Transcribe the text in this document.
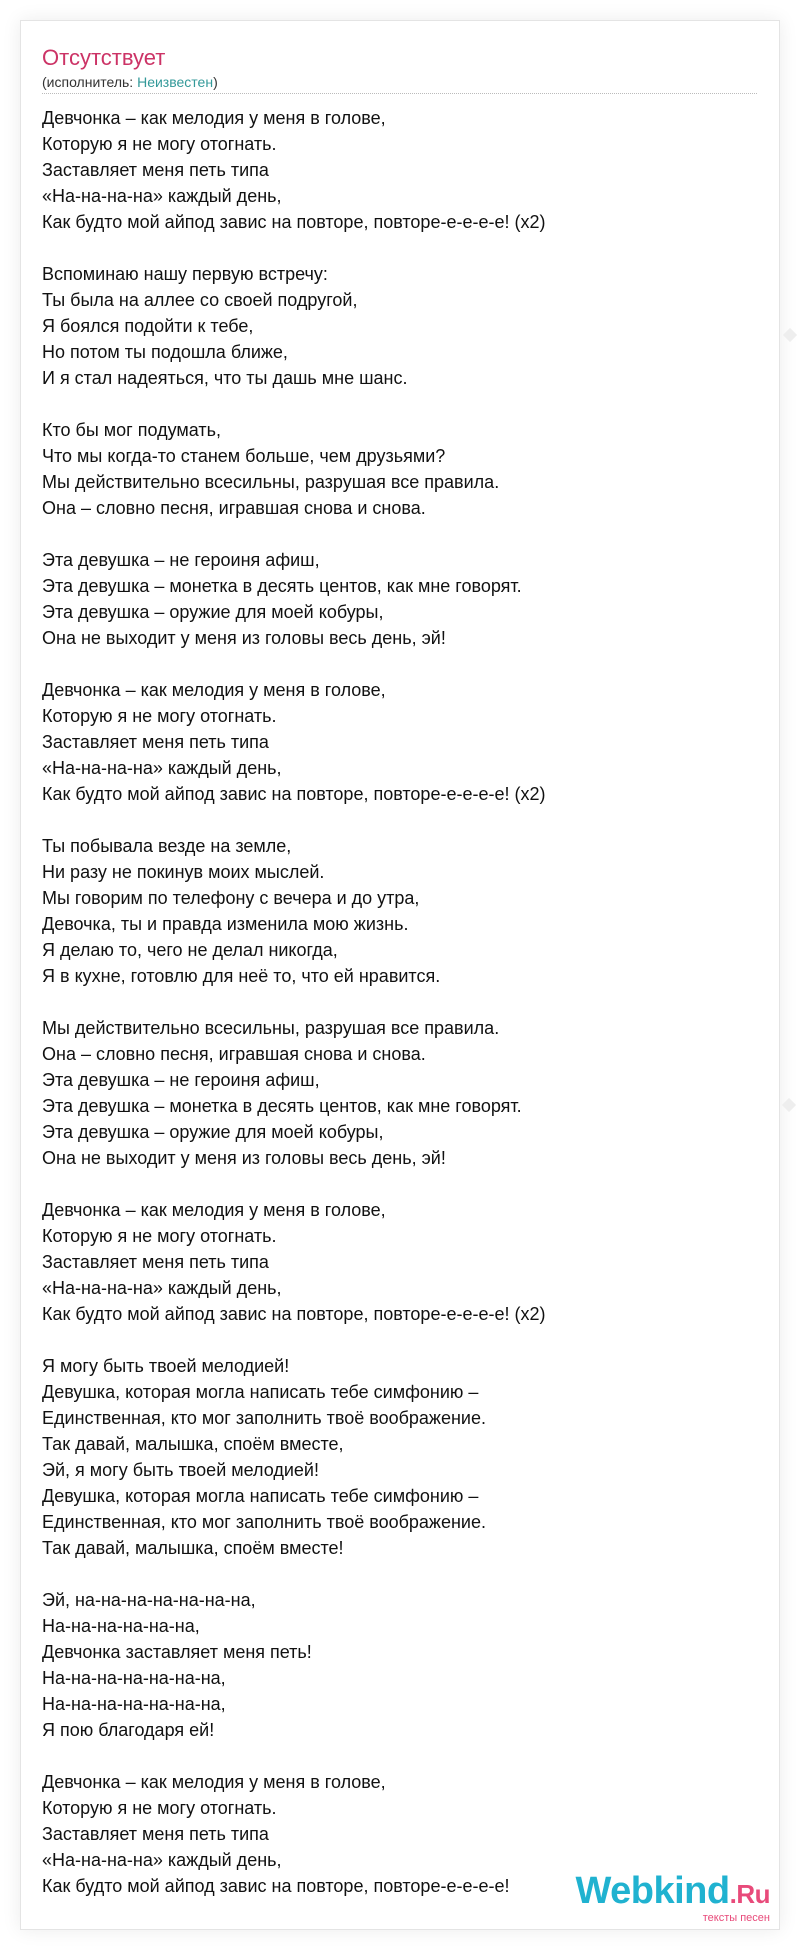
Отсутствует
(исполнитель: Неизвестен)
Девчонка – как мелодия у меня в голове,
Которую я не могу отогнать.
Заставляет меня петь типа
«На-на-на-на» каждый день,
Как будто мой айпод завис на повторе, повторе-е-е-е-е! (x2)
Вспоминаю нашу первую встречу:
Ты была на аллее со своей подругой,
Я боялся подойти к тебе,
Но потом ты подошла ближе,
И я стал надеяться, что ты дашь мне шанс.
Кто бы мог подумать,
Что мы когда-то станем больше, чем друзьями?
Мы действительно всесильны, разрушая все правила.
Она – словно песня, игравшая снова и снова.
Эта девушка – не героиня афиш,
Эта девушка – монетка в десять центов, как мне говорят.
Эта девушка – оружие для моей кобуры,
Она не выходит у меня из головы весь день, эй!
Девчонка – как мелодия у меня в голове,
Которую я не могу отогнать.
Заставляет меня петь типа
«На-на-на-на» каждый день,
Как будто мой айпод завис на повторе, повторе-е-е-е-е! (x2)
Ты побывала везде на земле,
Ни разу не покинув моих мыслей.
Мы говорим по телефону с вечера и до утра,
Девочка, ты и правда изменила мою жизнь.
Я делаю то, чего не делал никогда,
Я в кухне, готовлю для неё то, что ей нравится.
Мы действительно всесильны, разрушая все правила.
Она – словно песня, игравшая снова и снова.
Эта девушка – не героиня афиш,
Эта девушка – монетка в десять центов, как мне говорят.
Эта девушка – оружие для моей кобуры,
Она не выходит у меня из головы весь день, эй!
Девчонка – как мелодия у меня в голове,
Которую я не могу отогнать.
Заставляет меня петь типа
«На-на-на-на» каждый день,
Как будто мой айпод завис на повторе, повторе-е-е-е-е! (x2)
Я могу быть твоей мелодией!
Девушка, которая могла написать тебе симфонию –
Единственная, кто мог заполнить твоё воображение.
Так давай, малышка, споём вместе,
Эй, я могу быть твоей мелодией!
Девушка, которая могла написать тебе симфонию –
Единственная, кто мог заполнить твоё воображение.
Так давай, малышка, споём вместе!
Эй, на-на-на-на-на-на-на,
На-на-на-на-на-на,
Девчонка заставляет меня петь!
На-на-на-на-на-на-на,
На-на-на-на-на-на-на,
Я пою благодаря ей!
Девчонка – как мелодия у меня в голове,
Которую я не могу отогнать.
Заставляет меня петь типа
«На-на-на-на» каждый день,
Как будто мой айпод завис на повторе, повторе-е-е-е-е!	Webkind.Ru
тексты песен
